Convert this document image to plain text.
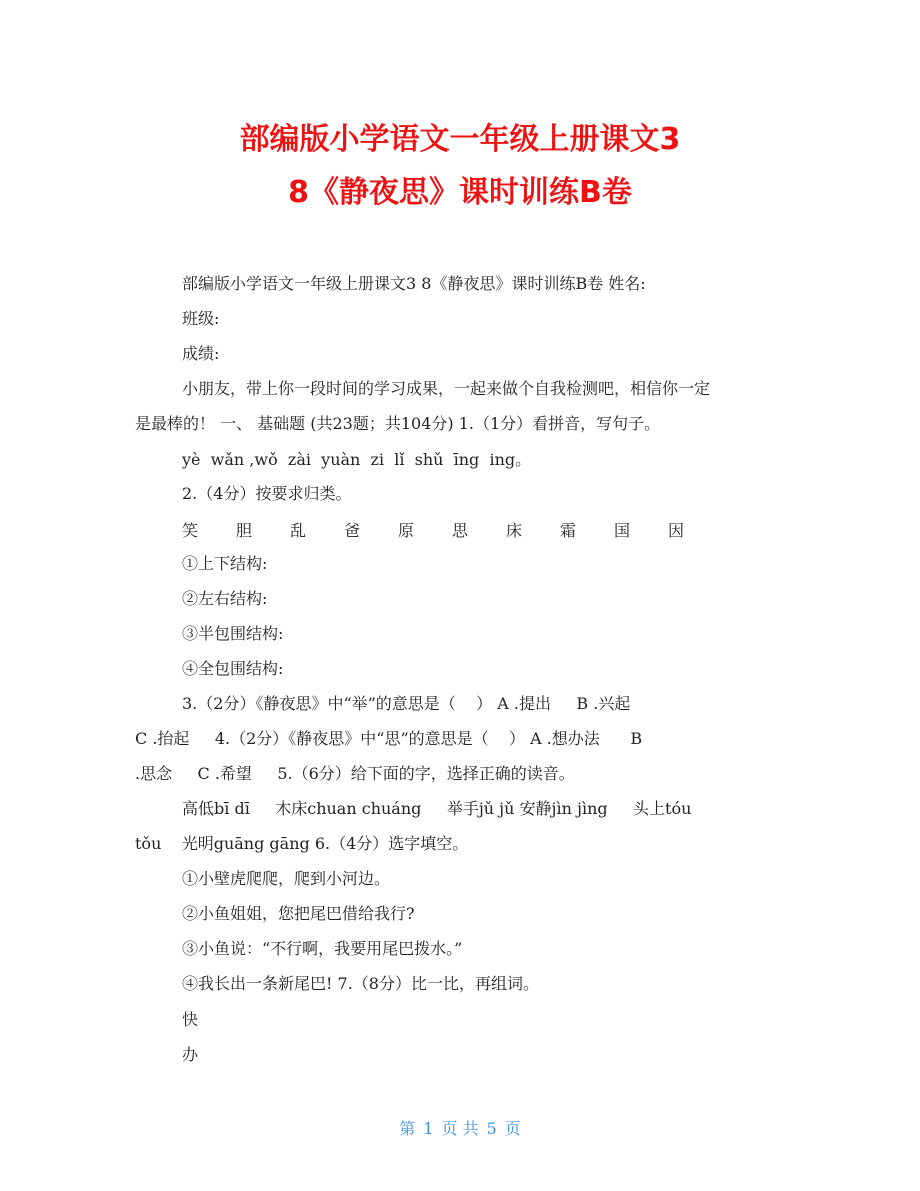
部编版小学语文一年级上册课文3
8《静夜思》课时训练B卷
部编版小学语文一年级上册课文3 8《静夜思》课时训练B卷 姓名:
班级:
成绩:
小朋友，带上你一段时间的学习成果，一起来做个自我检测吧，相信你一定
是最棒的！ 一、 基础题 (共23题；共104分) 1.（1分）看拼音，写句子。
yè  wǎn ,wǒ  zài  yuàn  zi  lǐ  shǔ  īng  ing。
2.（4分）按要求归类。
笑 胆 乱 爸 原 思 床 霜 国 因
①上下结构:
②左右结构:
③半包围结构:
④全包围结构:
3.（2分）《静夜思》中“举”的意思是（    ） A .提出     B .兴起
C .抬起     4.（2分）《静夜思》中“思”的意思是（    ） A .想办法      B
.思念     C .希望     5.（6分）给下面的字，选择正确的读音。
高低bī dī     木床chuan chuáng     举手jǔ jǔ 安静jìn jìng     头上tóu
tǒu    光明guāng gāng 6.（4分）选字填空。
①小壁虎爬爬，爬到小河边。
②小鱼姐姐，您把尾巴借给我行?
③小鱼说：“不行啊，我要用尾巴拨水。”
④我长出一条新尾巴! 7.（8分）比一比，再组词。
快
办
第 1 页 共 5 页
